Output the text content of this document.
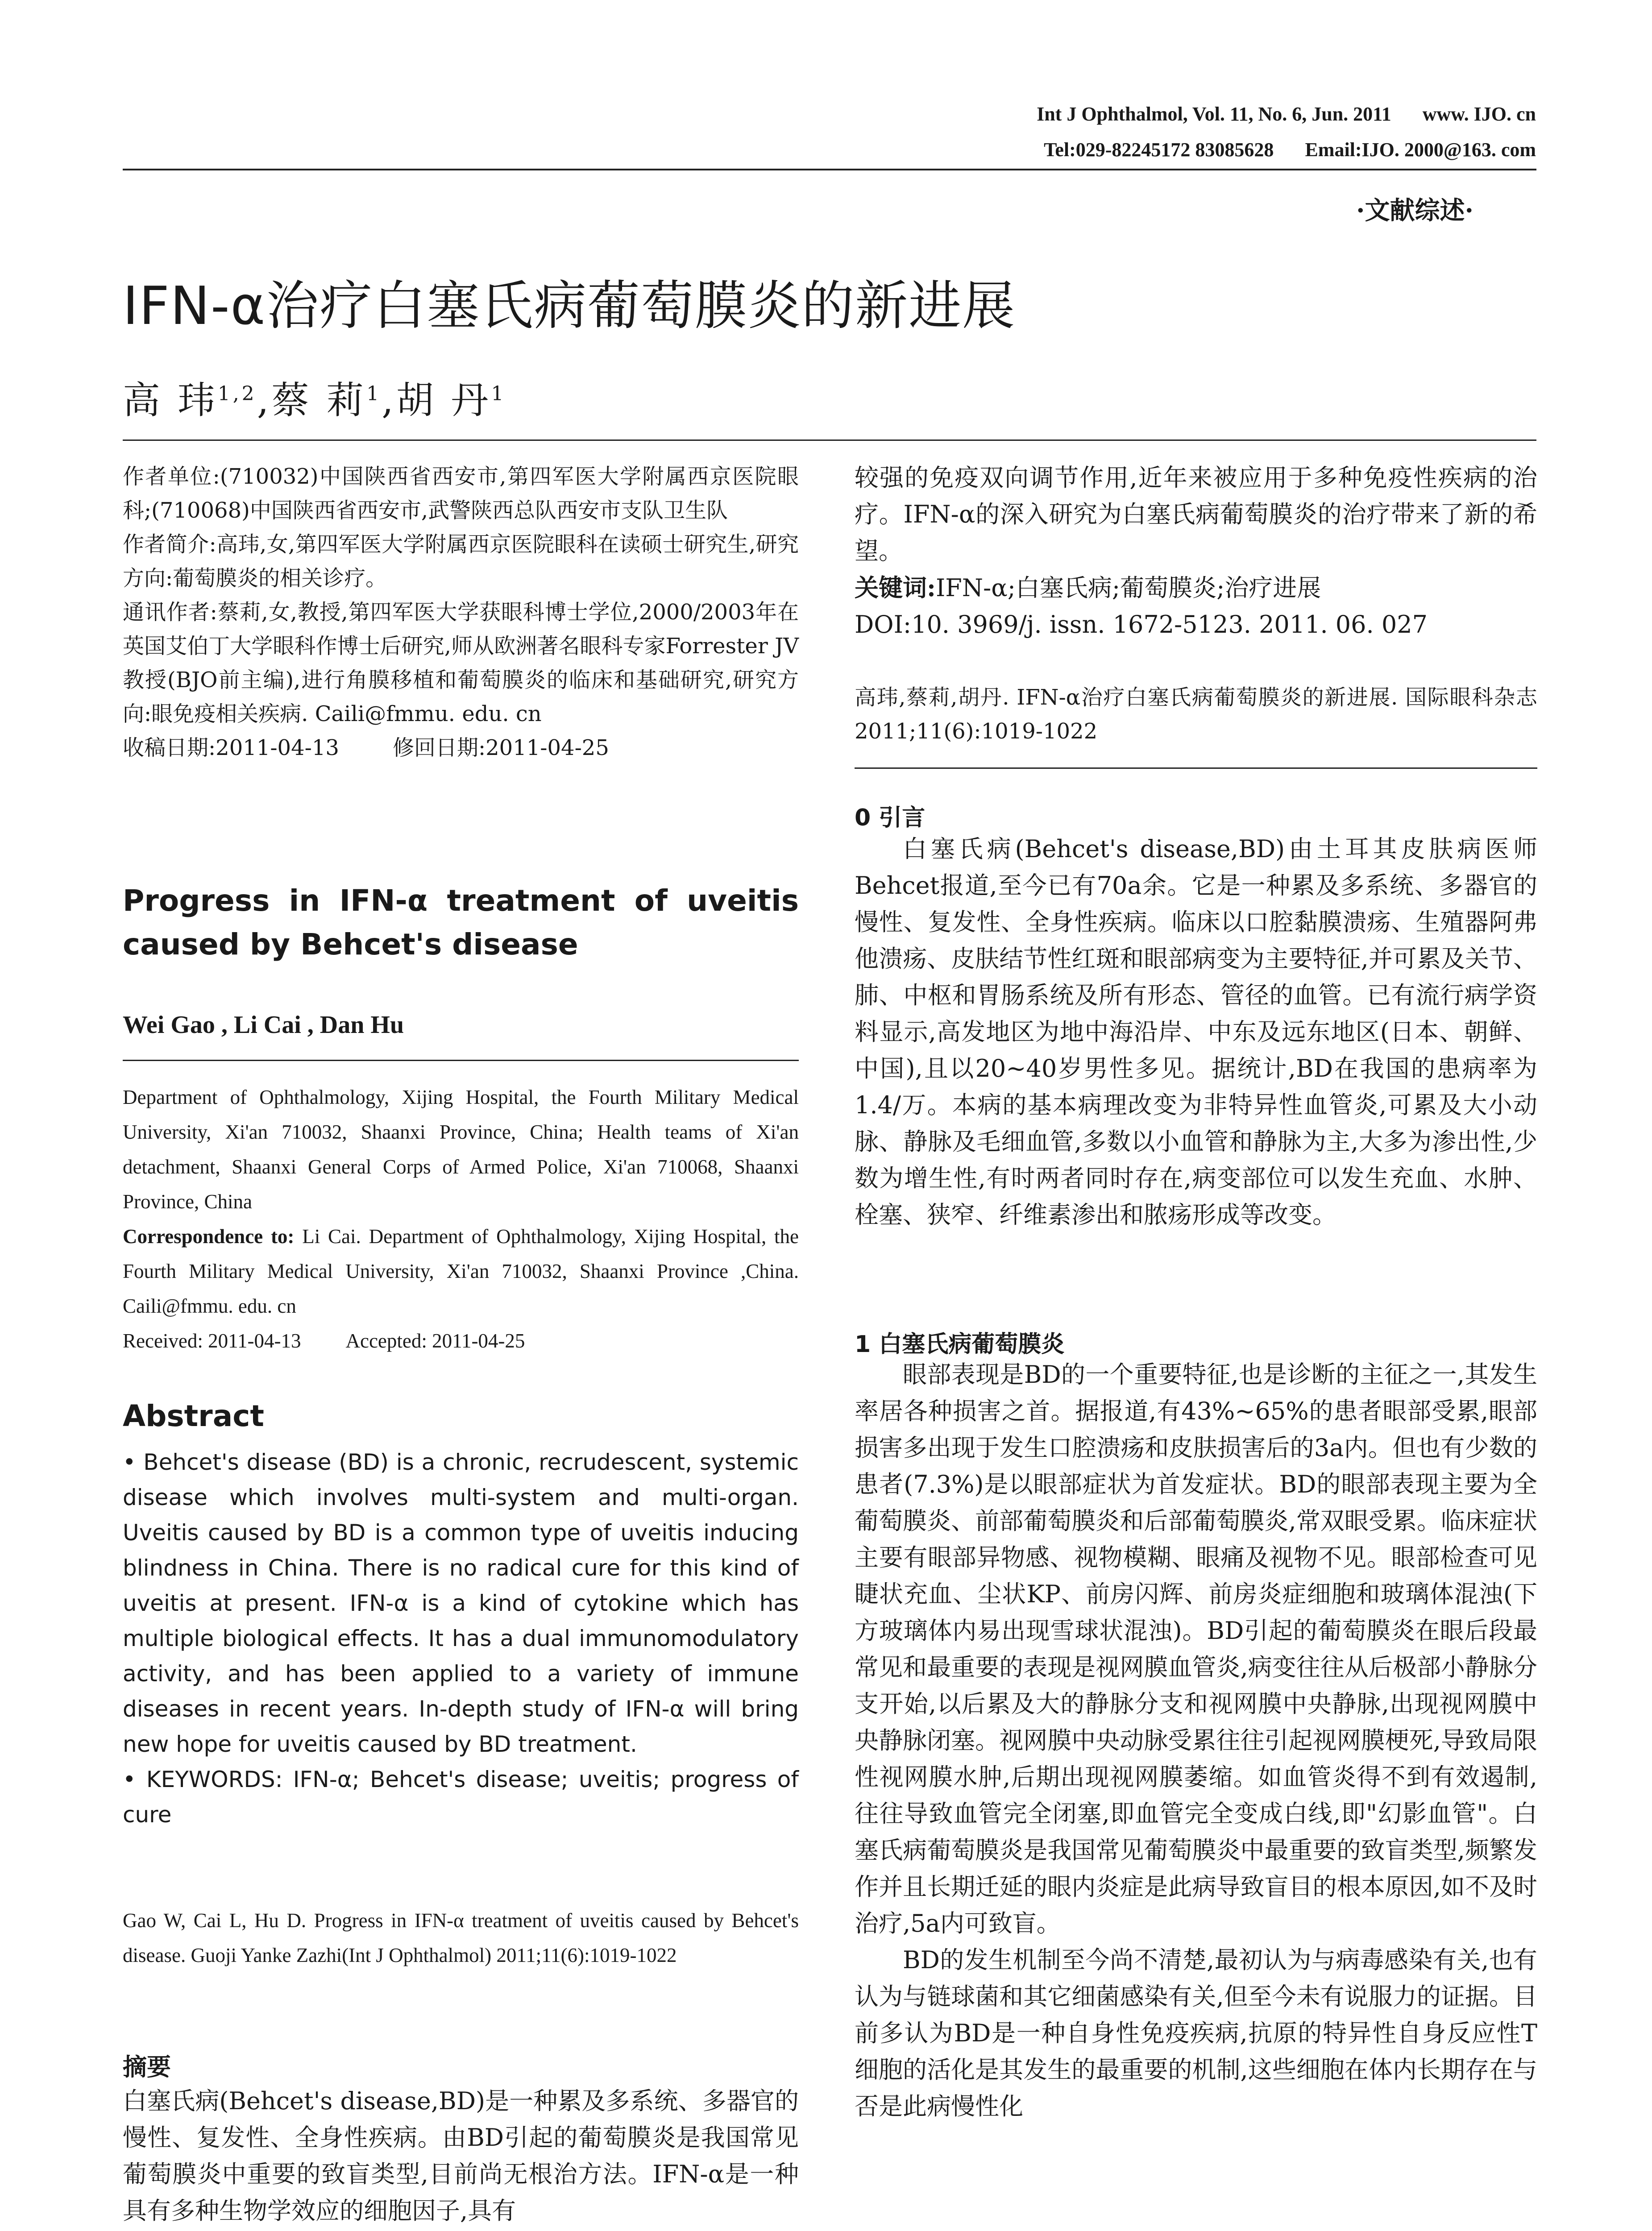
Int J Ophthalmol, Vol. 11, No. 6, Jun. 2011 www. IJO. cn
Tel:029-82245172 83085628 Email:IJO. 2000@163. com
·文献综述·
IFN-α治疗白塞氏病葡萄膜炎的新进展
高 玮$^{1,2}$,蔡 莉$^1$,胡 丹$^1$

作者单位:(710032)中国陕西省西安市,第四军医大学附属西京医院眼科;(710068)中国陕西省西安市,武警陕西总队西安市支队卫生队

作者简介:高玮,女,第四军医大学附属西京医院眼科在读硕士研究生,研究方向:葡萄膜炎的相关诊疗。

通讯作者:蔡莉,女,教授,第四军医大学获眼科博士学位,2000/2003年在英国艾伯丁大学眼科作博士后研究,师从欧洲著名眼科专家Forrester JV教授(BJO前主编),进行角膜移植和葡萄膜炎的临床和基础研究,研究方向:眼免疫相关疾病. Caili@fmmu. edu. cn

收稿日期:2011-04-13	修回日期:2011-04-25

Progress in IFN-α treatment of uveitis caused by Behcet's disease
Wei Gao , Li Cai , Dan Hu

Department of Ophthalmology, Xijing Hospital, the Fourth Military Medical University, Xi'an 710032, Shaanxi Province, China; Health teams of Xi'an detachment, Shaanxi General Corps of Armed Police, Xi'an 710068, Shaanxi Province, China

Correspondence to: Li Cai. Department of Ophthalmology, Xijing Hospital, the Fourth Military Medical University, Xi'an 710032, Shaanxi Province ,China. Caili@fmmu. edu. cn

Received: 2011-04-13 Accepted: 2011-04-25

Abstract

• Behcet's disease (BD) is a chronic, recrudescent, systemic disease which involves multi-system and multi-organ. Uveitis caused by BD is a common type of uveitis inducing blindness in China. There is no radical cure for this kind of uveitis at present. IFN-α is a kind of cytokine which has multiple biological effects. It has a dual immunomodulatory activity, and has been applied to a variety of immune diseases in recent years. In-depth study of IFN-α will bring new hope for uveitis caused by BD treatment.

• KEYWORDS: IFN-α; Behcet's disease; uveitis; progress of cure

Gao W, Cai L, Hu D. Progress in IFN-α treatment of uveitis caused by Behcet's disease. Guoji Yanke Zazhi(Int J Ophthalmol) 2011;11(6):1019-1022
摘要
白塞氏病(Behcet's disease,BD)是一种累及多系统、多器官的慢性、复发性、全身性疾病。由BD引起的葡萄膜炎是我国常见葡萄膜炎中重要的致盲类型,目前尚无根治方法。IFN-α是一种具有多种生物学效应的细胞因子,具有

较强的免疫双向调节作用,近年来被应用于多种免疫性疾病的治疗。IFN-α的深入研究为白塞氏病葡萄膜炎的治疗带来了新的希望。

关键词:IFN-α;白塞氏病;葡萄膜炎;治疗进展

DOI:10. 3969/j. issn. 1672-5123. 2011. 06. 027

高玮,蔡莉,胡丹. IFN-α治疗白塞氏病葡萄膜炎的新进展. 国际眼科杂志 2011;11(6):1019-1022
0 引言

白塞氏病(Behcet's disease,BD)由土耳其皮肤病医师Behcet报道,至今已有70a余。它是一种累及多系统、多器官的慢性、复发性、全身性疾病。临床以口腔黏膜溃疡、生殖器阿弗他溃疡、皮肤结节性红斑和眼部病变为主要特征,并可累及关节、肺、中枢和胃肠系统及所有形态、管径的血管。已有流行病学资料显示,高发地区为地中海沿岸、中东及远东地区(日本、朝鲜、中国),且以20~40岁男性多见。据统计,BD在我国的患病率为1.4/万。本病的基本病理改变为非特异性血管炎,可累及大小动脉、静脉及毛细血管,多数以小血管和静脉为主,大多为渗出性,少数为增生性,有时两者同时存在,病变部位可以发生充血、水肿、栓塞、狭窄、纤维素渗出和脓疡形成等改变。

1 白塞氏病葡萄膜炎

眼部表现是BD的一个重要特征,也是诊断的主征之一,其发生率居各种损害之首。据报道,有43%~65%的患者眼部受累,眼部损害多出现于发生口腔溃疡和皮肤损害后的3a内。但也有少数的患者(7.3%)是以眼部症状为首发症状。BD的眼部表现主要为全葡萄膜炎、前部葡萄膜炎和后部葡萄膜炎,常双眼受累。临床症状主要有眼部异物感、视物模糊、眼痛及视物不见。眼部检查可见睫状充血、尘状KP、前房闪辉、前房炎症细胞和玻璃体混浊(下方玻璃体内易出现雪球状混浊)。BD引起的葡萄膜炎在眼后段最常见和最重要的表现是视网膜血管炎,病变往往从后极部小静脉分支开始,以后累及大的静脉分支和视网膜中央静脉,出现视网膜中央静脉闭塞。视网膜中央动脉受累往往引起视网膜梗死,导致局限性视网膜水肿,后期出现视网膜萎缩。如血管炎得不到有效遏制,往往导致血管完全闭塞,即血管完全变成白线,即"幻影血管"。白塞氏病葡萄膜炎是我国常见葡萄膜炎中最重要的致盲类型,频繁发作并且长期迁延的眼内炎症是此病导致盲目的根本原因,如不及时治疗,5a内可致盲。

BD的发生机制至今尚不清楚,最初认为与病毒感染有关,也有认为与链球菌和其它细菌感染有关,但至今未有说服力的证据。目前多认为BD是一种自身性免疫疾病,抗原的特异性自身反应性T细胞的活化是其发生的最重要的机制,这些细胞在体内长期存在与否是此病慢性化
